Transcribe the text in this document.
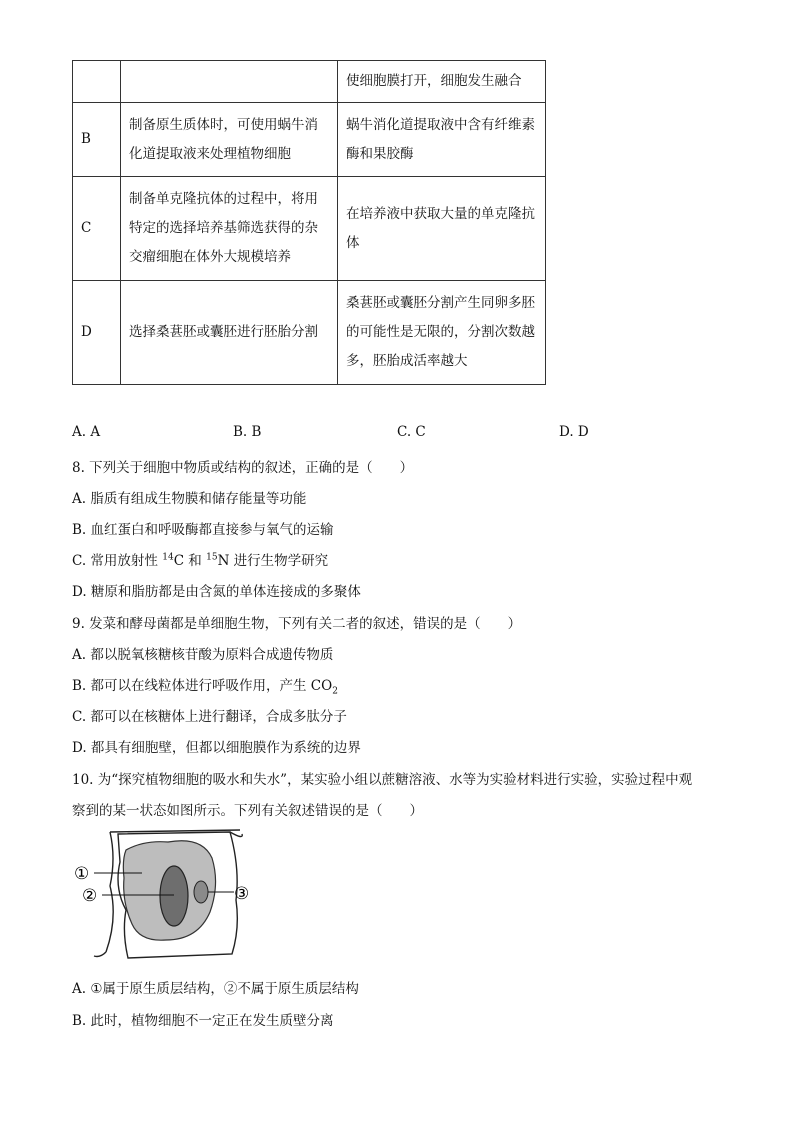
		使细胞膜打开，细胞发生融合
B	制备原生质体时，可使用蜗牛消化道提取液来处理植物细胞	蜗牛消化道提取液中含有纤维素酶和果胶酶
C	制备单克隆抗体的过程中，将用特定的选择培养基筛选获得的杂交瘤细胞在体外大规模培养	在培养液中获取大量的单克隆抗体
D	选择桑葚胚或囊胚进行胚胎分割	桑葚胚或囊胚分割产生同卵多胚的可能性是无限的，分割次数越多，胚胎成活率越大
A. A	B. B	C. C	D. D
8. 下列关于细胞中物质或结构的叙述，正确的是（　　）
A. 脂质有组成生物膜和储存能量等功能
B. 血红蛋白和呼吸酶都直接参与氧气的运输
C. 常用放射性 $^{14}$C 和 $^{15}$N 进行生物学研究
D. 糖原和脂肪都是由含氮的单体连接成的多聚体
9. 发菜和酵母菌都是单细胞生物，下列有关二者的叙述，错误的是（　　）
A. 都以脱氧核糖核苷酸为原料合成遗传物质
B. 都可以在线粒体进行呼吸作用，产生 $CO_2$
C. 都可以在核糖体上进行翻译，合成多肽分子
D. 都具有细胞壁，但都以细胞膜作为系统的边界
10. 为“探究植物细胞的吸水和失水”，某实验小组以蔗糖溶液、水等为实验材料进行实验，实验过程中观
察到的某一状态如图所示。下列有关叙述错误的是（　　）
①
②	③
A. ①属于原生质层结构，②不属于原生质层结构
B. 此时，植物细胞不一定正在发生质壁分离
